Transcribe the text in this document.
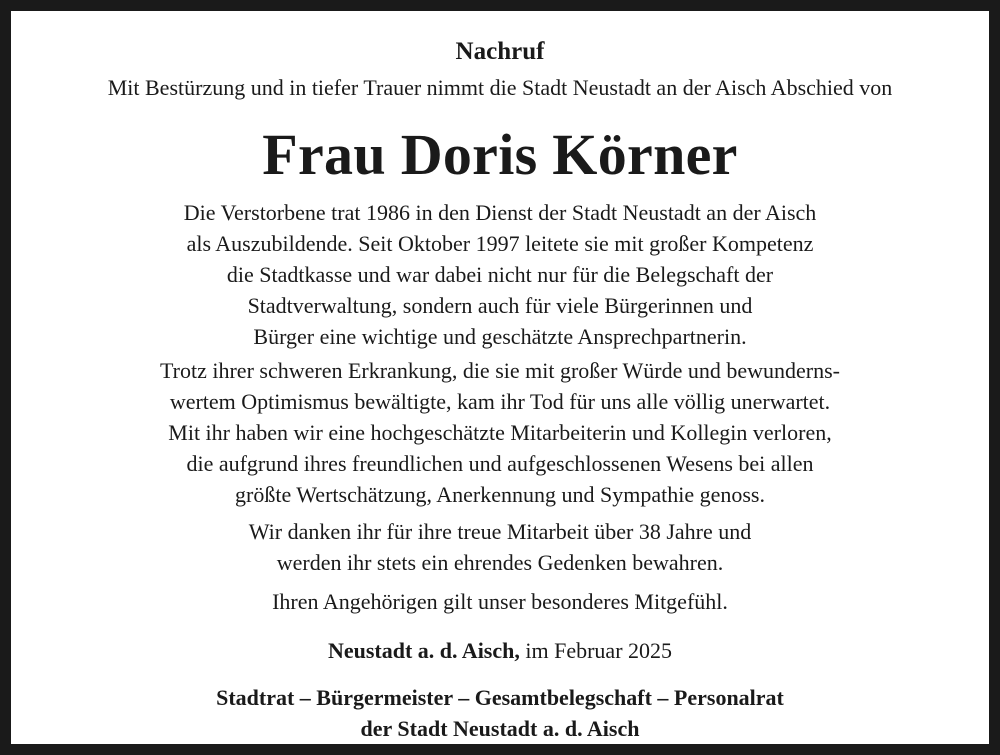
Nachruf
Mit Bestürzung und in tiefer Trauer nimmt die Stadt Neustadt an der Aisch Abschied von
Frau Doris Körner

Die Verstorbene trat 1986 in den Dienst der Stadt Neustadt an der Aisch

als Auszubildende. Seit Oktober 1997 leitete sie mit großer Kompetenz

die Stadtkasse und war dabei nicht nur für die Belegschaft der

Stadtverwaltung, sondern auch für viele Bürgerinnen und

Bürger eine wichtige und geschätzte Ansprechpartnerin.

Trotz ihrer schweren Erkrankung, die sie mit großer Würde und bewunderns-

wertem Optimismus bewältigte, kam ihr Tod für uns alle völlig unerwartet.

Mit ihr haben wir eine hochgeschätzte Mitarbeiterin und Kollegin verloren,

die aufgrund ihres freundlichen und aufgeschlossenen Wesens bei allen

größte Wertschätzung, Anerkennung und Sympathie genoss.

Wir danken ihr für ihre treue Mitarbeit über 38 Jahre und

werden ihr stets ein ehrendes Gedenken bewahren.

Ihren Angehörigen gilt unser besonderes Mitgefühl.

Neustadt a. d. Aisch, im Februar 2025
Stadtrat – Bürgermeister – Gesamtbelegschaft – Personalrat
der Stadt Neustadt a. d. Aisch
